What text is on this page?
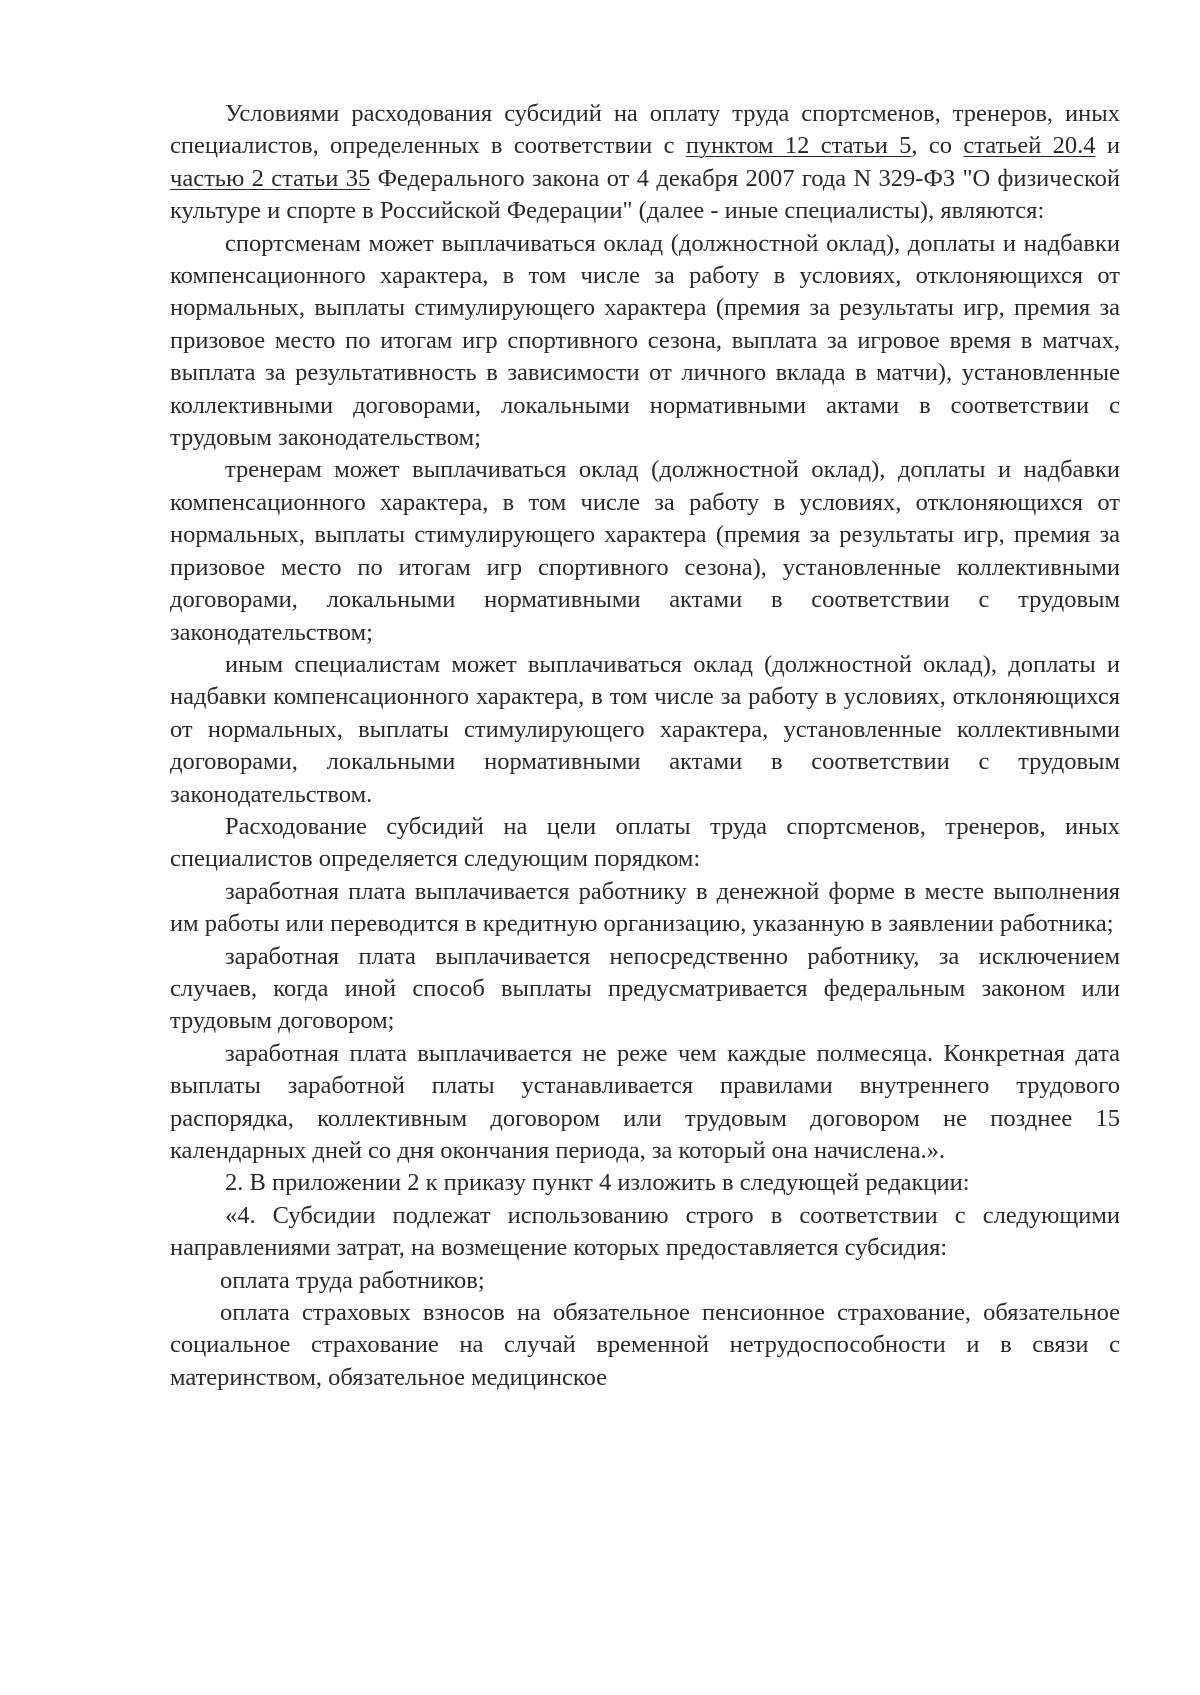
Условиями расходования субсидий на оплату труда спортсменов, тренеров, иных специалистов, определенных в соответствии с пунктом 12 статьи 5, со статьей 20.4 и частью 2 статьи 35 Федерального закона от 4 декабря 2007 года N 329-ФЗ "О физической культуре и спорте в Российской Федерации" (далее - иные специалисты), являются:

спортсменам может выплачиваться оклад (должностной оклад), доплаты и надбавки компенсационного характера, в том числе за работу в условиях, отклоняющихся от нормальных, выплаты стимулирующего характера (премия за результаты игр, премия за призовое место по итогам игр спортивного сезона, выплата за игровое время в матчах, выплата за результативность в зависимости от личного вклада в матчи), установленные коллективными договорами, локальными нормативными актами в соответствии с трудовым законодательством;

тренерам может выплачиваться оклад (должностной оклад), доплаты и надбавки компенсационного характера, в том числе за работу в условиях, отклоняющихся от нормальных, выплаты стимулирующего характера (премия за результаты игр, премия за призовое место по итогам игр спортивного сезона), установленные коллективными договорами, локальными нормативными актами в соответствии с трудовым законодательством;

иным специалистам может выплачиваться оклад (должностной оклад), доплаты и надбавки компенсационного характера, в том числе за работу в условиях, отклоняющихся от нормальных, выплаты стимулирующего характера, установленные коллективными договорами, локальными нормативными актами в соответствии с трудовым законодательством.

Расходование субсидий на цели оплаты труда спортсменов, тренеров, иных специалистов определяется следующим порядком:

заработная плата выплачивается работнику в денежной форме в месте выполнения им работы или переводится в кредитную организацию, указанную в заявлении работника;

заработная плата выплачивается непосредственно работнику, за исключением случаев, когда иной способ выплаты предусматривается федеральным законом или трудовым договором;

заработная плата выплачивается не реже чем каждые полмесяца. Конкретная дата выплаты заработной платы устанавливается правилами внутреннего трудового распорядка, коллективным договором или трудовым договором не позднее 15 календарных дней со дня окончания периода, за который она начислена.».

2. В приложении 2 к приказу пункт 4 изложить в следующей редакции:

«4. Субсидии подлежат использованию строго в соответствии с следующими направлениями затрат, на возмещение которых предоставляется субсидия:

оплата труда работников;

оплата страховых взносов на обязательное пенсионное страхование, обязательное социальное страхование на случай временной нетрудоспособности и в связи с материнством, обязательное медицинское
